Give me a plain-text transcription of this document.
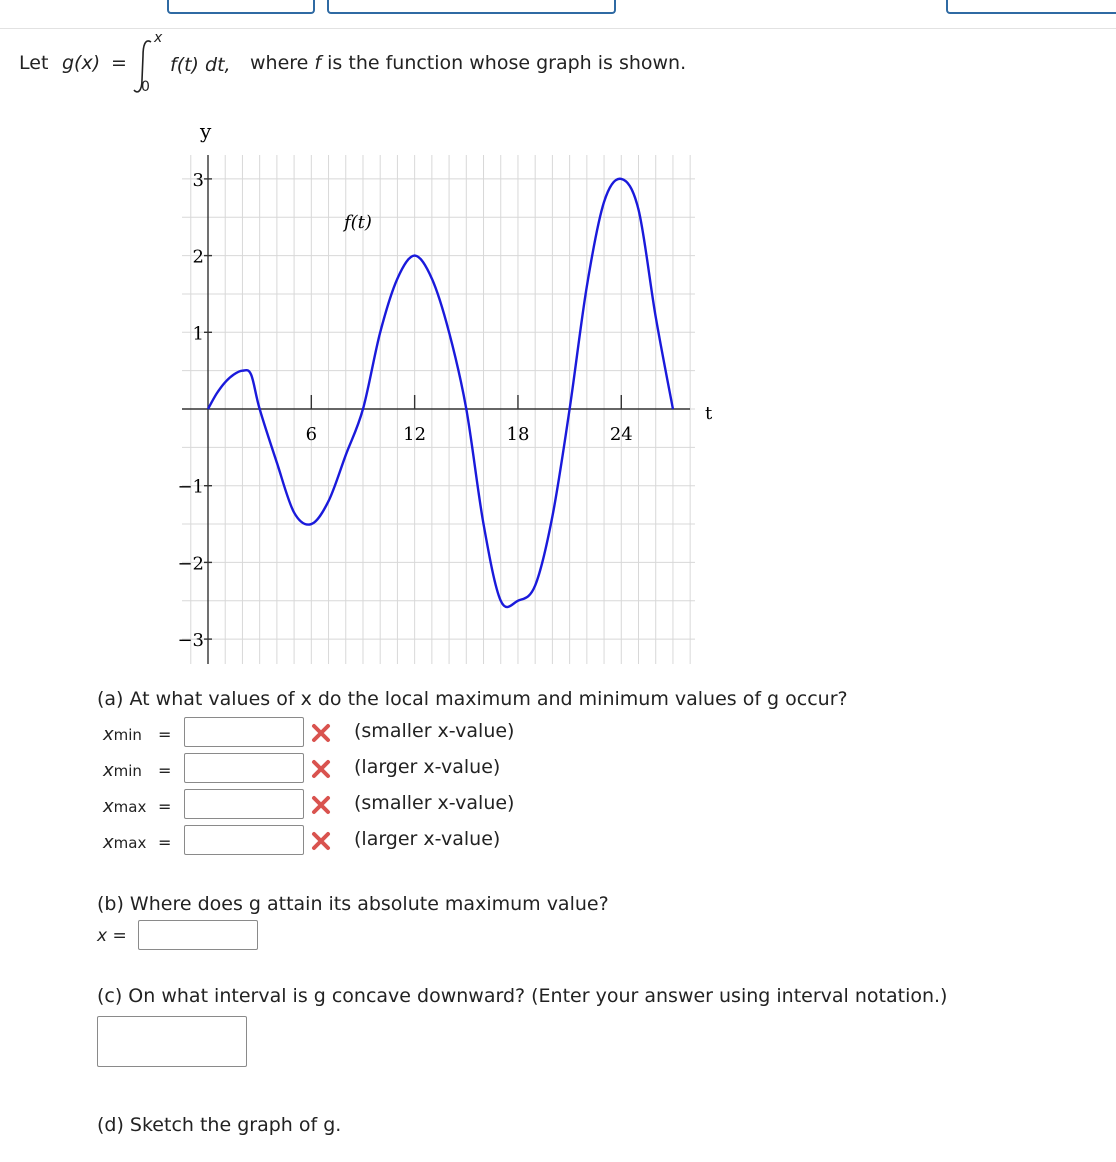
Let g(x) =
x
0
f(t) dt, where f is the function whose graph is shown.
6	12	18	24
−3
−2
−1
1
2
3
y
t
f(t)
(a) At what values of x do the local maximum and minimum values of g occur?
xmin =	(smaller x-value)
xmin =	(larger x-value)
xmax =	(smaller x-value)
xmax =	(larger x-value)
(b) Where does g attain its absolute maximum value?
x =
(c) On what interval is g concave downward? (Enter your answer using interval notation.)
(d) Sketch the graph of g.
